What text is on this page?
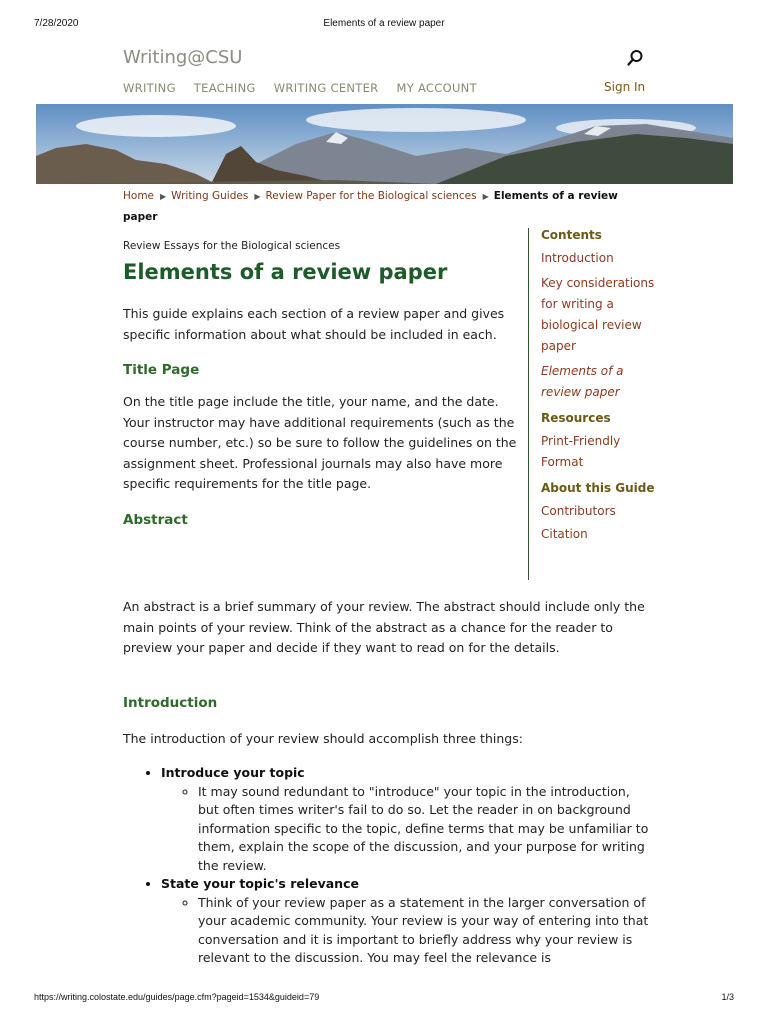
7/28/2020	Elements of a review paper
Writing@CSU
WRITING TEACHING WRITING CENTER MY ACCOUNT	Sign In
Home ▶ Writing Guides ▶ Review Paper for the Biological sciences ▶ Elements of a review paper

Review Essays for the Biological sciences

Elements of a review paper

This guide explains each section of a review paper and gives specific information about what should be included in each.

Title Page

On the title page include the title, your name, and the date. Your instructor may have additional requirements (such as the course number, etc.) so be sure to follow the guidelines on the assignment sheet. Professional journals may also have more specific requirements for the title page.

Abstract
Contents
Introduction
Key considerations for writing a biological review paper
Elements of a review paper
Resources
Print-Friendly Format
About this Guide
Contributors
Citation

An abstract is a brief summary of your review. The abstract should include only the main points of your review. Think of the abstract as a chance for the reader to preview your paper and decide if they want to read on for the details.

Introduction

The introduction of your review should accomplish three things:

• Introduce your topic
◦ It may sound redundant to "introduce" your topic in the introduction, but often times writer's fail to do so. Let the reader in on background information specific to the topic, define terms that may be unfamiliar to them, explain the scope of the discussion, and your purpose for writing the review.
• State your topic's relevance
◦ Think of your review paper as a statement in the larger conversation of your academic community. Your review is your way of entering into that conversation and it is important to briefly address why your review is relevant to the discussion. You may feel the relevance is
https://writing.colostate.edu/guides/page.cfm?pageid=1534&guideid=79	1/3
